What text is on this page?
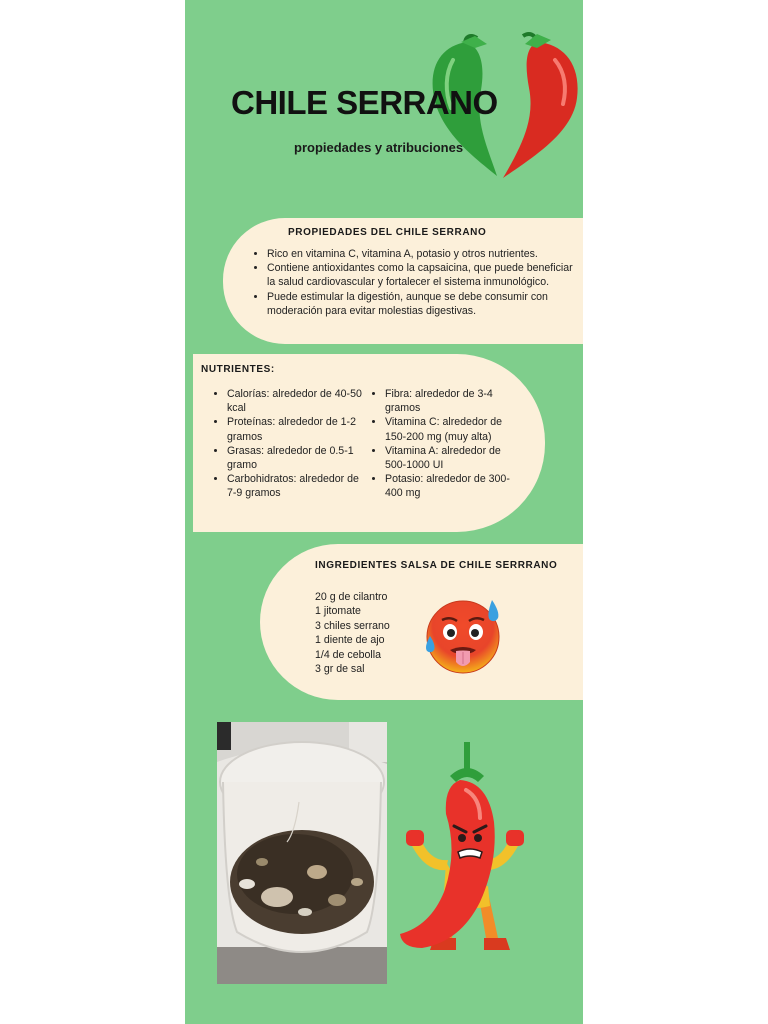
CHILE SERRANO
propiedades y atribuciones
PROPIEDADES DEL CHILE SERRANO
• Rico en vitamina C, vitamina A, potasio y otros nutrientes.
• Contiene antioxidantes como la capsaicina, que puede beneficiar la salud cardiovascular y fortalecer el sistema inmunológico.
• Puede estimular la digestión, aunque se debe consumir con moderación para evitar molestias digestivas.
NUTRIENTES:
• Calorías: alrededor de 40-50 kcal
• Proteínas: alrededor de 1-2 gramos
• Grasas: alrededor de 0.5-1 gramo
• Carbohidratos: alrededor de 7-9 gramos
• Fibra: alrededor de 3-4 gramos
• Vitamina C: alrededor de 150-200 mg (muy alta)
• Vitamina A: alrededor de 500-1000 UI
• Potasio: alrededor de 300-400 mg
INGREDIENTES SALSA DE CHILE SERRRANO
20 g de cilantro
1 jitomate
3 chiles serrano
1 diente de ajo
1/4 de cebolla
3 gr de sal
